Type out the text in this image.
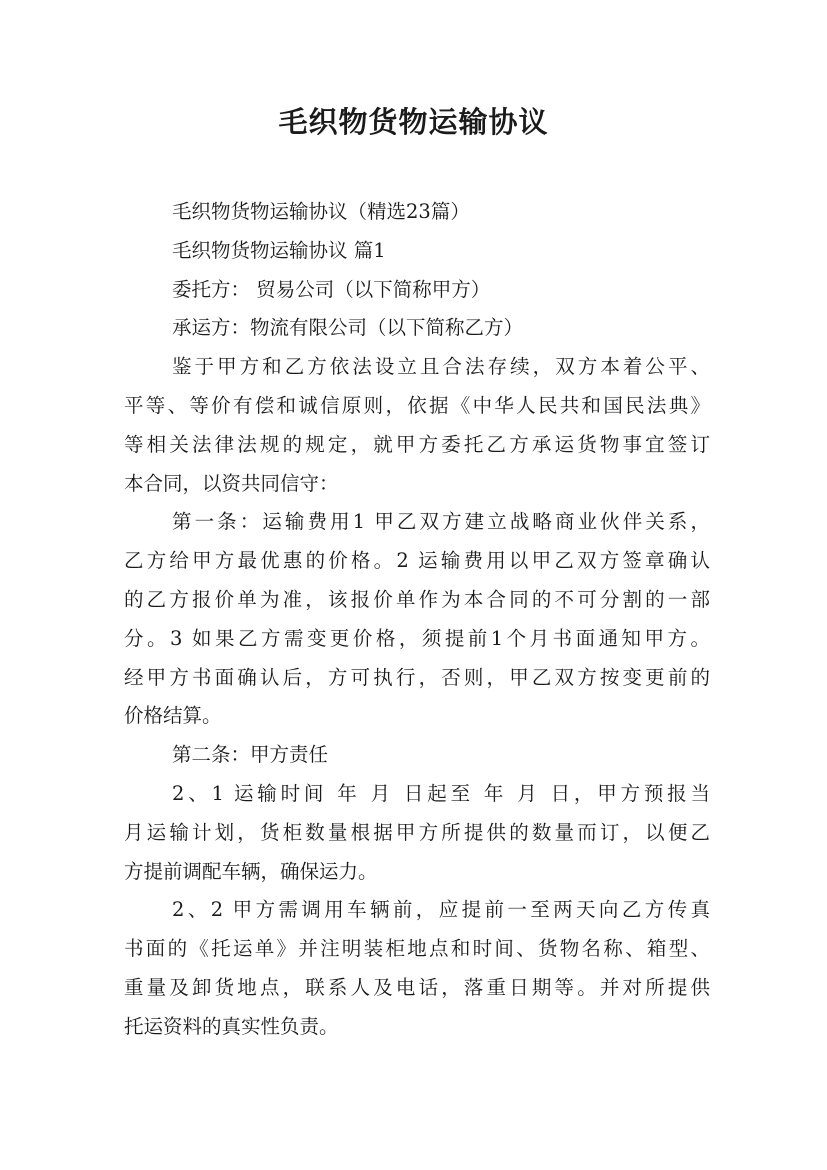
毛织物货物运输协议
毛织物货物运输协议（精选23篇）
毛织物货物运输协议 篇1
委托方： 贸易公司（以下简称甲方）
承运方：物流有限公司（以下简称乙方）
鉴于甲方和乙方依法设立且合法存续，双方本着公平、
平等、等价有偿和诚信原则，依据《中华人民共和国民法典》
等相关法律法规的规定，就甲方委托乙方承运货物事宜签订
本合同，以资共同信守：
第一条：运输费用1 甲乙双方建立战略商业伙伴关系，
乙方给甲方最优惠的价格。2 运输费用以甲乙双方签章确认
的乙方报价单为准，该报价单作为本合同的不可分割的一部
分。3 如果乙方需变更价格，须提前1个月书面通知甲方。
经甲方书面确认后，方可执行，否则，甲乙双方按变更前的
价格结算。
第二条：甲方责任
2、1 运输时间 年 月 日起至 年 月 日，甲方预报当
月运输计划，货柜数量根据甲方所提供的数量而订，以便乙
方提前调配车辆，确保运力。
2、2 甲方需调用车辆前，应提前一至两天向乙方传真
书面的《托运单》并注明装柜地点和时间、货物名称、箱型、
重量及卸货地点，联系人及电话，落重日期等。并对所提供
托运资料的真实性负责。
